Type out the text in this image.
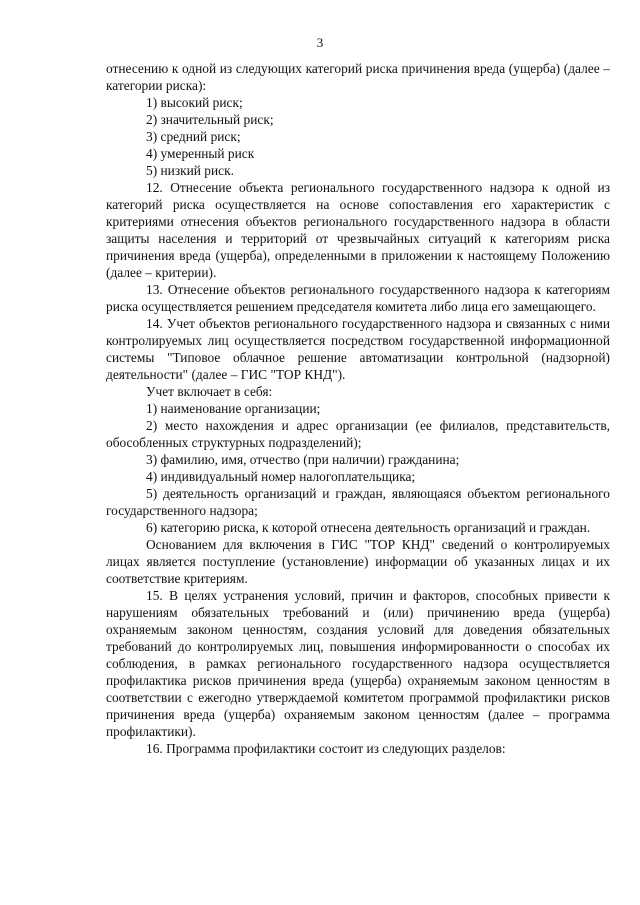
3

отнесению к одной из следующих категорий риска причинения вреда (ущерба) (далее – категории риска):

1) высокий риск;

2) значительный риск;

3) средний риск;

4) умеренный риск

5) низкий риск.

12. Отнесение объекта регионального государственного надзора к одной из категорий риска осуществляется на основе сопоставления его характеристик с критериями отнесения объектов регионального государственного надзора в области защиты населения и территорий от чрезвычайных ситуаций к категориям риска причинения вреда (ущерба), определенными в приложении к настоящему Положению (далее – критерии).

13. Отнесение объектов регионального государственного надзора к категориям риска осуществляется решением председателя комитета либо лица его замещающего.

14. Учет объектов регионального государственного надзора и связанных с ними контролируемых лиц осуществляется посредством государственной информационной системы "Типовое облачное решение автоматизации контрольной (надзорной) деятельности" (далее – ГИС "ТОР КНД").

Учет включает в себя:

1) наименование организации;

2) место нахождения и адрес организации (ее филиалов, представительств, обособленных структурных подразделений);

3) фамилию, имя, отчество (при наличии) гражданина;

4) индивидуальный номер налогоплательщика;

5) деятельность организаций и граждан, являющаяся объектом регионального государственного надзора;

6) категорию риска, к которой отнесена деятельность организаций и граждан.

Основанием для включения в ГИС "ТОР КНД" сведений о контролируемых лицах является поступление (установление) информации об указанных лицах и их соответствие критериям.

15. В целях устранения условий, причин и факторов, способных привести к нарушениям обязательных требований и (или) причинению вреда (ущерба) охраняемым законом ценностям, создания условий для доведения обязательных требований до контролируемых лиц, повышения информированности о способах их соблюдения, в рамках регионального государственного надзора осуществляется профилактика рисков причинения вреда (ущерба) охраняемым законом ценностям в соответствии с ежегодно утверждаемой комитетом программой профилактики рисков причинения вреда (ущерба) охраняемым законом ценностям (далее – программа профилактики).

16. Программа профилактики состоит из следующих разделов:
